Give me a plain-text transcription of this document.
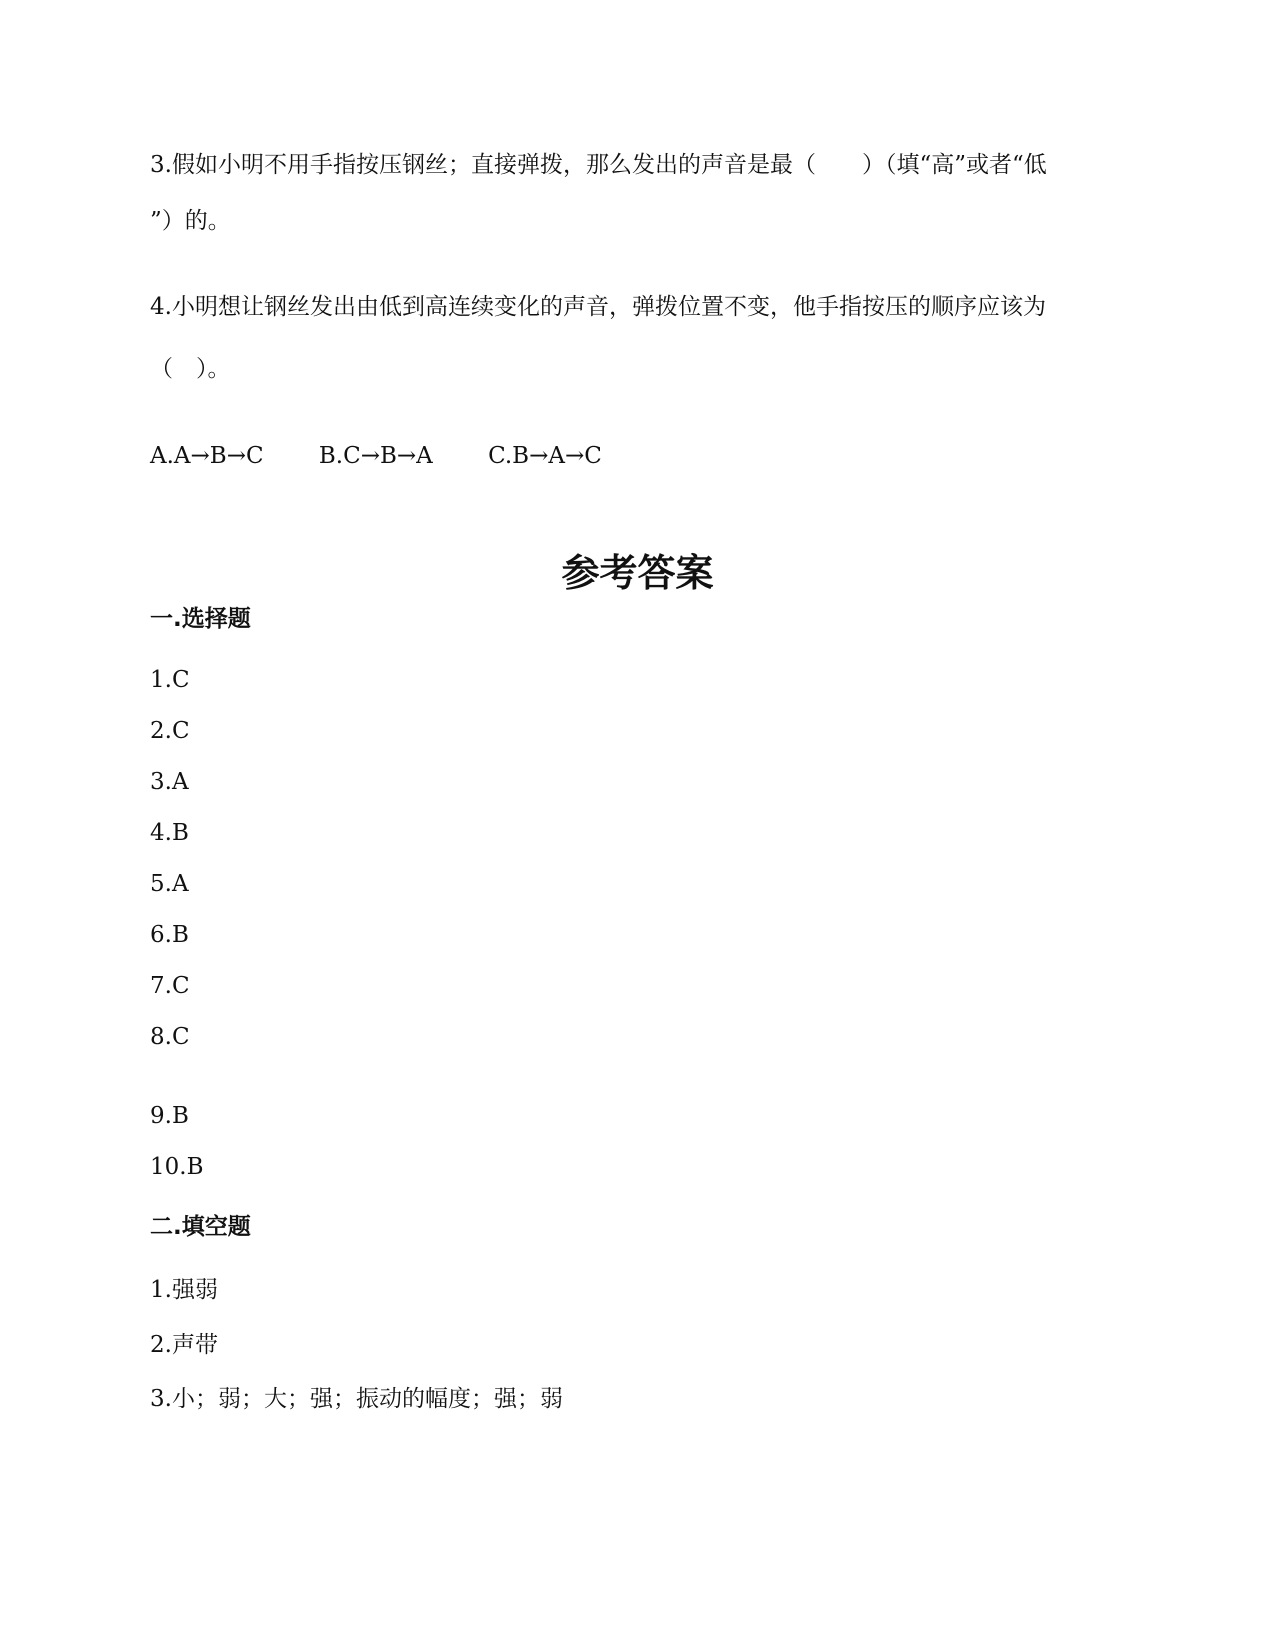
3.假如小明不用手指按压钢丝；直接弹拨，那么发出的声音是最（　　）（填“高”或者“低

”）的。

4.小明想让钢丝发出由低到高连续变化的声音，弹拨位置不变，他手指按压的顺序应该为

（　）。

A.A→B→C B.C→B→A C.B→A→C

参考答案
一.选择题

1.C

2.C

3.A

4.B

5.A

6.B

7.C

8.C

9.B

10.B

二.填空题

1.强弱

2.声带

3.小；弱；大；强；振动的幅度；强；弱
